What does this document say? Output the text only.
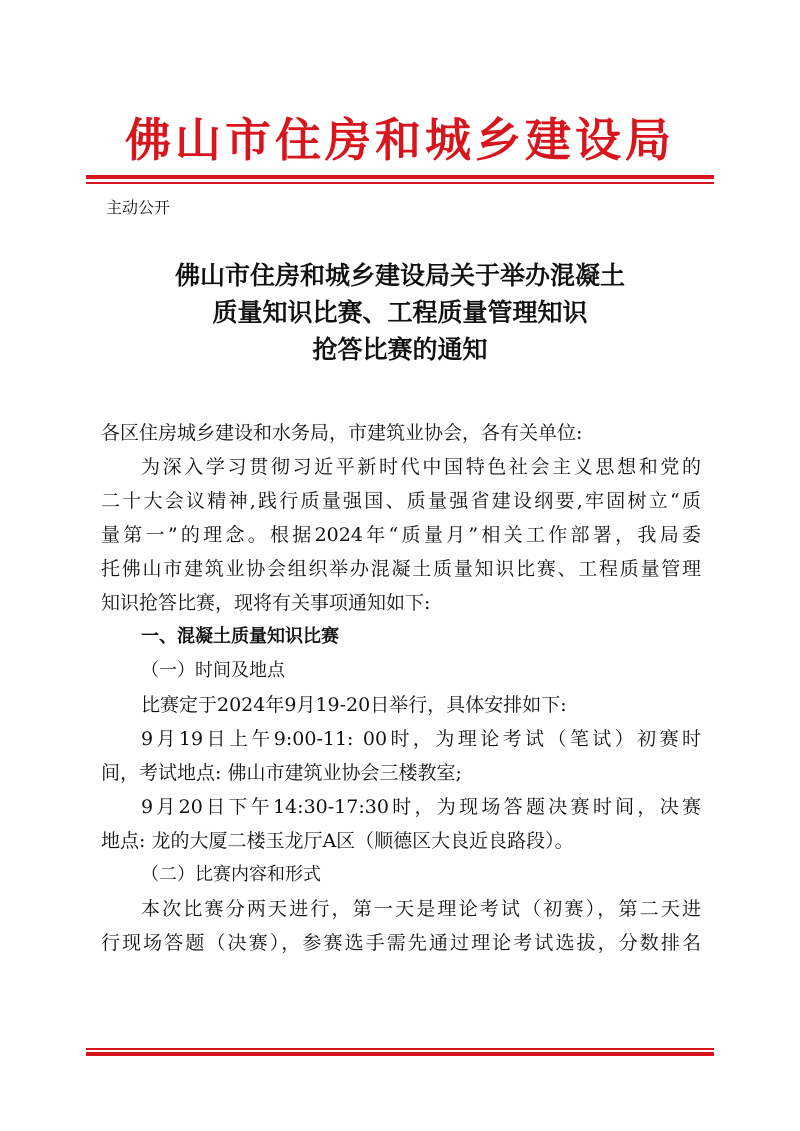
佛山市住房和城乡建设局
主动公开
佛山市住房和城乡建设局关于举办混凝土
质量知识比赛、工程质量管理知识
抢答比赛的通知
各区住房城乡建设和水务局，市建筑业协会，各有关单位:
为深入学习贯彻习近平新时代中国特色社会主义思想和党的
二十大会议精神,践行质量强国、质量强省建设纲要,牢固树立“质
量第一”的理念。根据2024年“质量月”相关工作部署，我局委
托佛山市建筑业协会组织举办混凝土质量知识比赛、工程质量管理
知识抢答比赛，现将有关事项通知如下:
一、混凝土质量知识比赛
（一）时间及地点
比赛定于2024年9月19-20日举行，具体安排如下:
9月19日上午9:00-11: 00时，为理论考试（笔试）初赛时
间，考试地点: 佛山市建筑业协会三楼教室;
9月20日下午14:30-17:30时，为现场答题决赛时间，决赛
地点: 龙的大厦二楼玉龙厅A区（顺德区大良近良路段）。
（二）比赛内容和形式
本次比赛分两天进行，第一天是理论考试（初赛），第二天进
行现场答题（决赛），参赛选手需先通过理论考试选拔，分数排名
